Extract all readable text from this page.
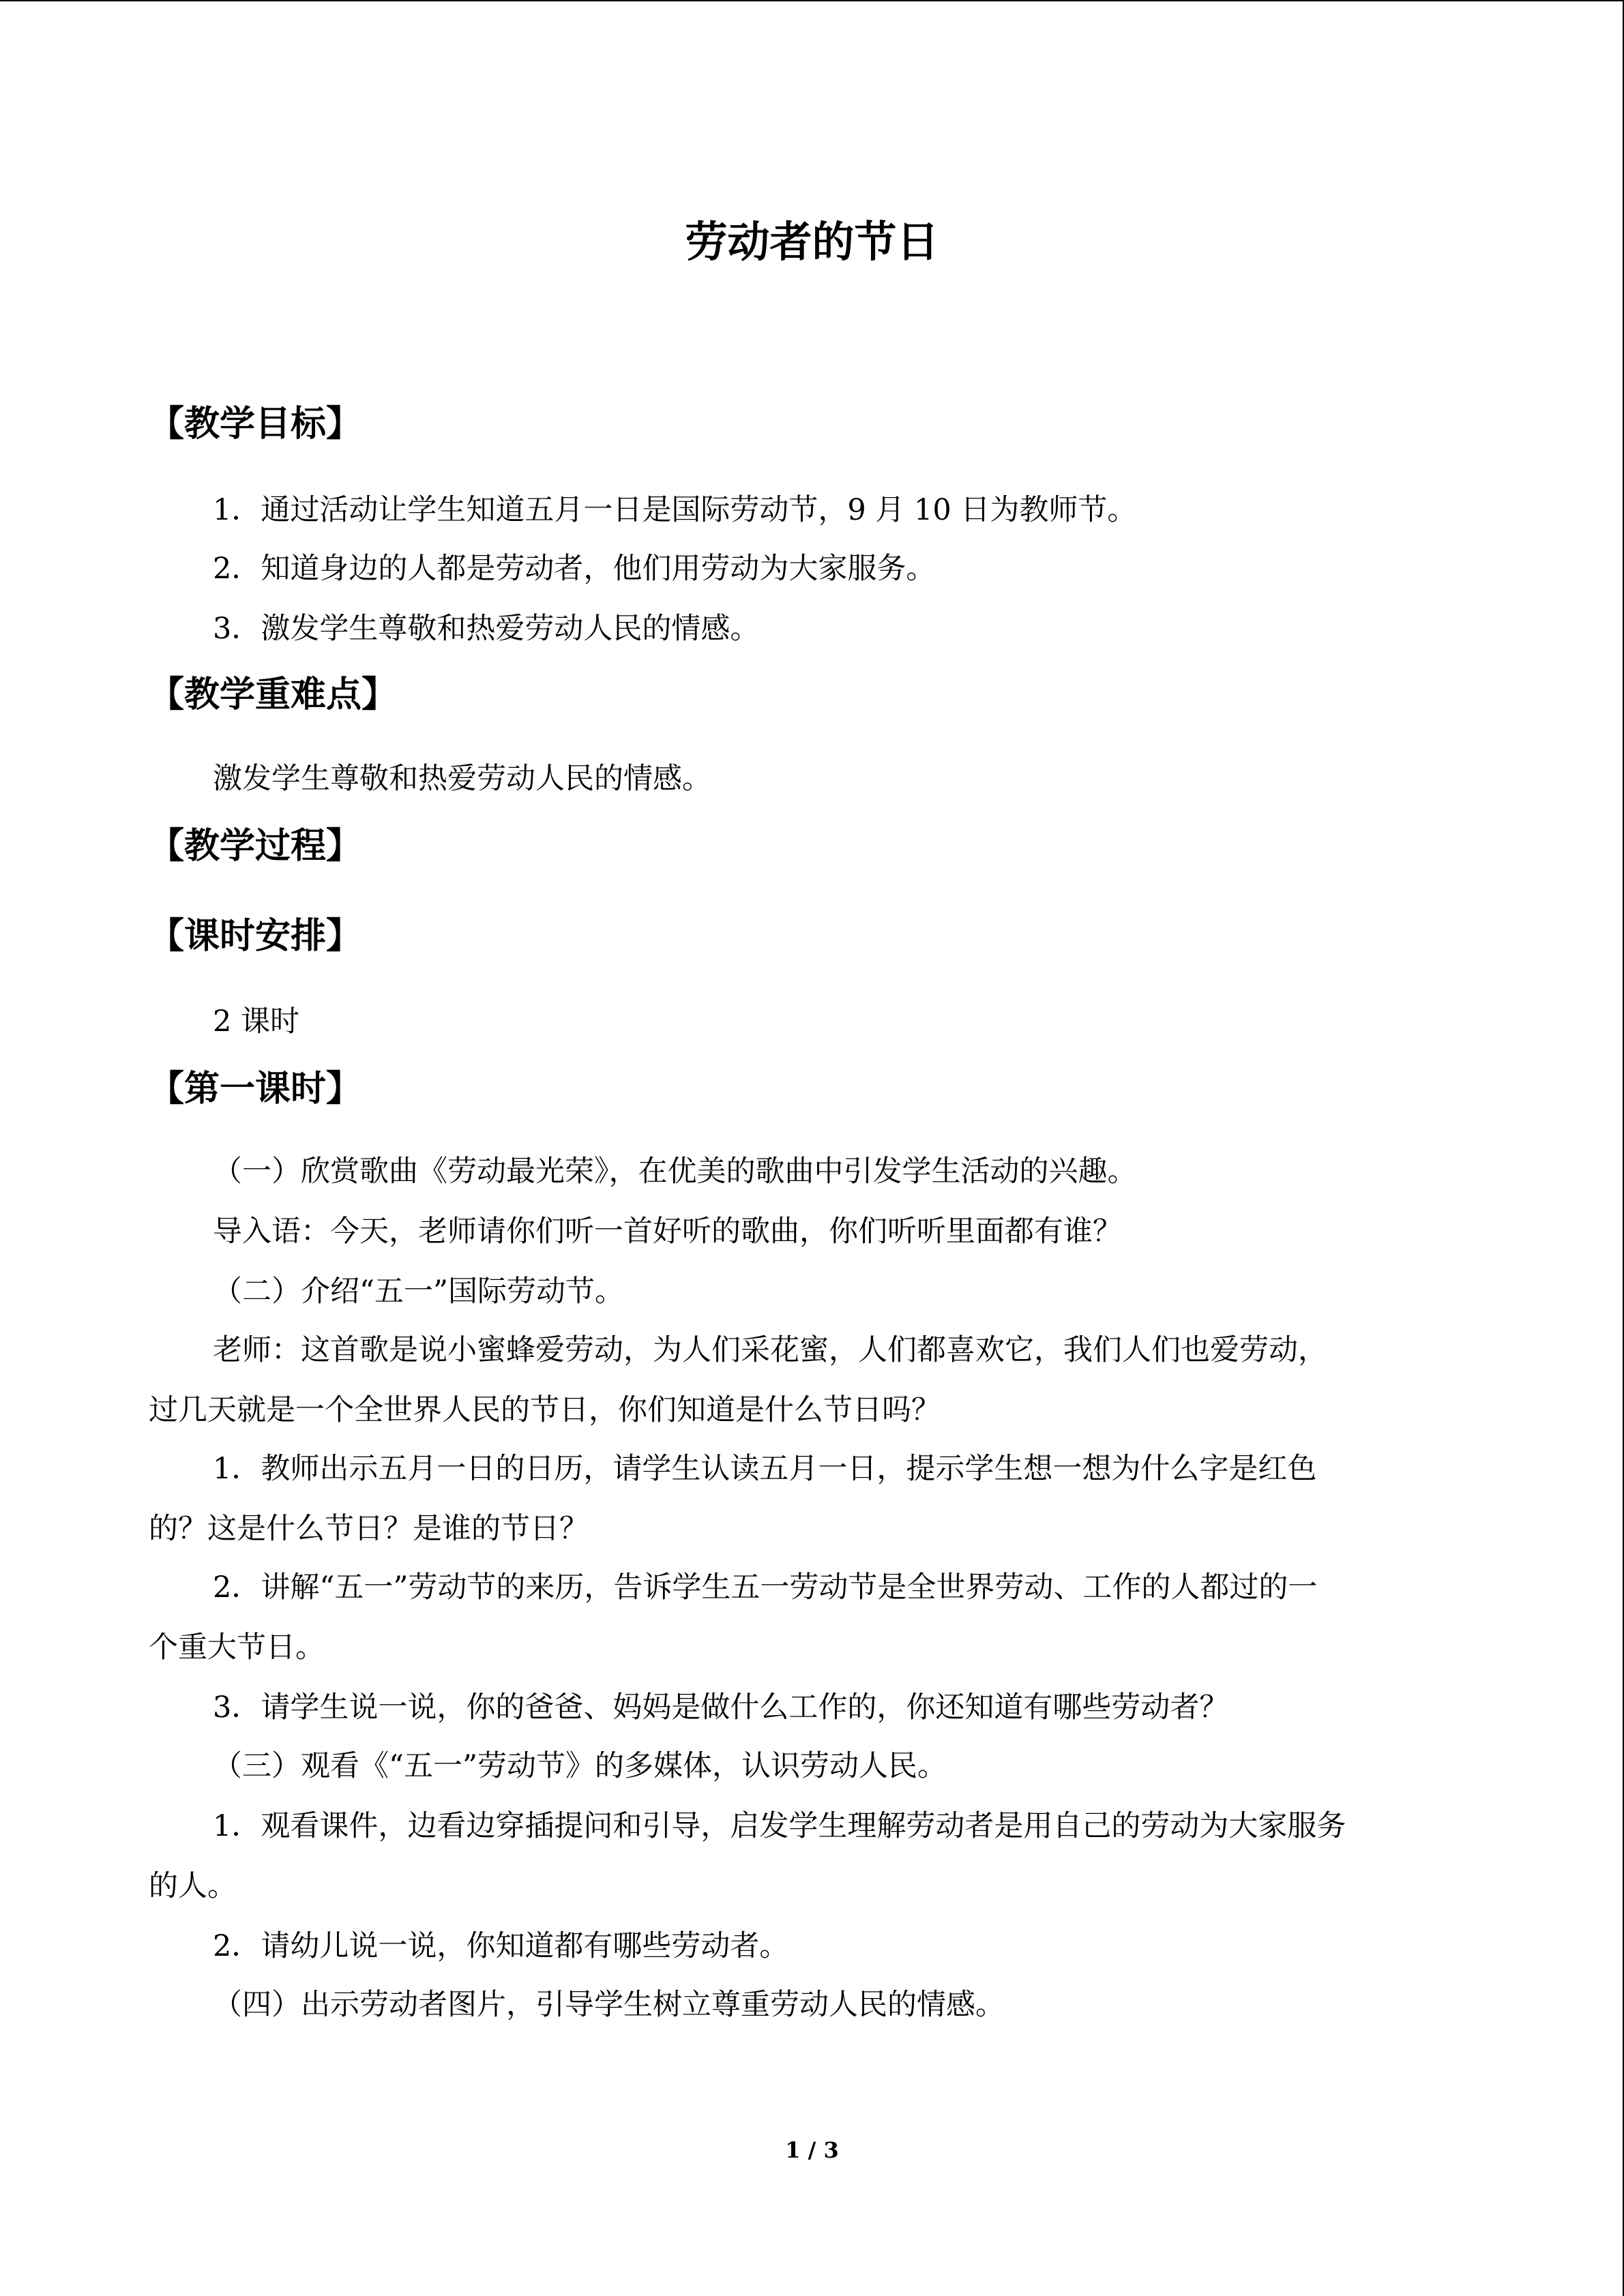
劳动者的节日
【教学目标】
1．通过活动让学生知道五月一日是国际劳动节，9 月 10 日为教师节。
2．知道身边的人都是劳动者，他们用劳动为大家服务。
3．激发学生尊敬和热爱劳动人民的情感。
【教学重难点】
激发学生尊敬和热爱劳动人民的情感。
【教学过程】
【课时安排】
2 课时
【第一课时】
（一）欣赏歌曲《劳动最光荣》，在优美的歌曲中引发学生活动的兴趣。
导入语：今天，老师请你们听一首好听的歌曲，你们听听里面都有谁？
（二）介绍“五一”国际劳动节。
老师：这首歌是说小蜜蜂爱劳动，为人们采花蜜，人们都喜欢它，我们人们也爱劳动，
过几天就是一个全世界人民的节日，你们知道是什么节日吗？
1．教师出示五月一日的日历，请学生认读五月一日，提示学生想一想为什么字是红色
的？这是什么节日？是谁的节日？
2．讲解“五一”劳动节的来历，告诉学生五一劳动节是全世界劳动、工作的人都过的一
个重大节日。
3．请学生说一说，你的爸爸、妈妈是做什么工作的，你还知道有哪些劳动者？
（三）观看《“五一”劳动节》的多媒体，认识劳动人民。
1．观看课件，边看边穿插提问和引导，启发学生理解劳动者是用自己的劳动为大家服务
的人。
2．请幼儿说一说，你知道都有哪些劳动者。
（四）出示劳动者图片，引导学生树立尊重劳动人民的情感。
1 / 3
